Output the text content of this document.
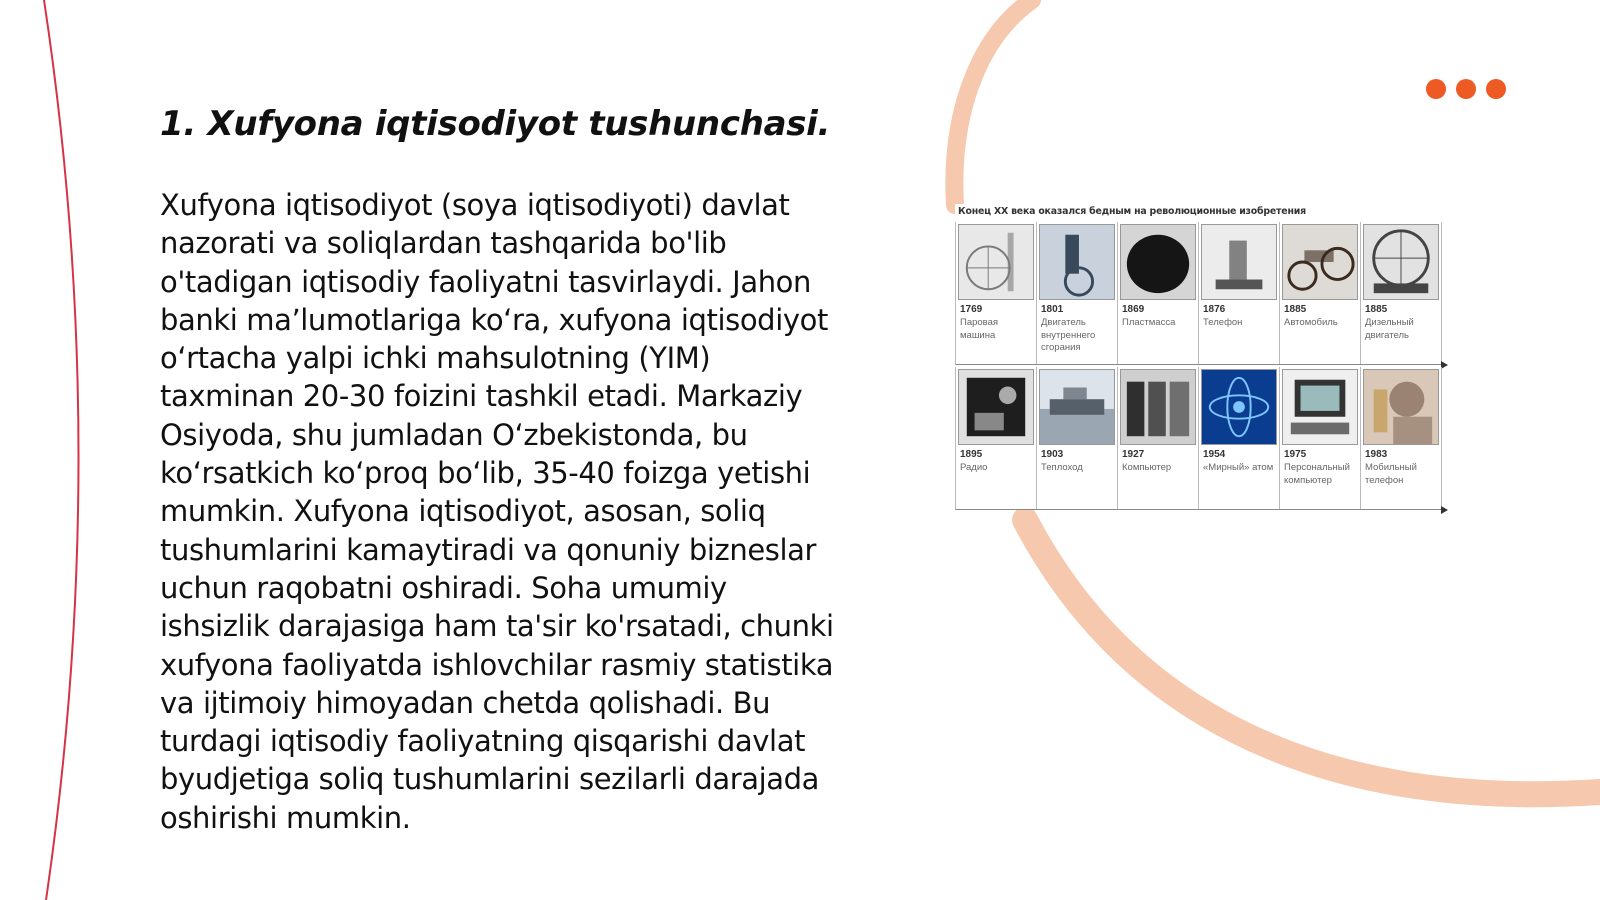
1. Xufyona iqtisodiyot tushunchasi.

Xufyona iqtisodiyot (soya iqtisodiyoti) davlat nazorati va soliqlardan tashqarida bo'lib o'tadigan iqtisodiy faoliyatni tasvirlaydi. Jahon banki ma’lumotlariga ko‘ra, xufyona iqtisodiyot o‘rtacha yalpi ichki mahsulotning (YIM) taxminan 20-30 foizini tashkil etadi. Markaziy Osiyoda, shu jumladan O‘zbekistonda, bu ko‘rsatkich ko‘proq bo‘lib, 35-40 foizga yetishi mumkin. Xufyona iqtisodiyot, asosan, soliq tushumlarini kamaytiradi va qonuniy bizneslar uchun raqobatni oshiradi. Soha umumiy ishsizlik darajasiga ham ta'sir ko'rsatadi, chunki xufyona faoliyatda ishlovchilar rasmiy statistika va ijtimoiy himoyadan chetda qolishadi. Bu turdagi iqtisodiy faoliyatning qisqarishi davlat byudjetiga soliq tushumlarini sezilarli darajada oshirishi mumkin.

Конец XX века оказался бедным на революционные изобретения
1769
Паровая машина
1801
Двигатель внутреннего сгорания
1869
Пластмасса
1876
Телефон
1885
Автомобиль
1885
Дизельный двигатель
1895
Радио
1903
Теплоход
1927
Компьютер
1954
«Мирный» атом
1975
Персональный компьютер
1983
Мобильный телефон
